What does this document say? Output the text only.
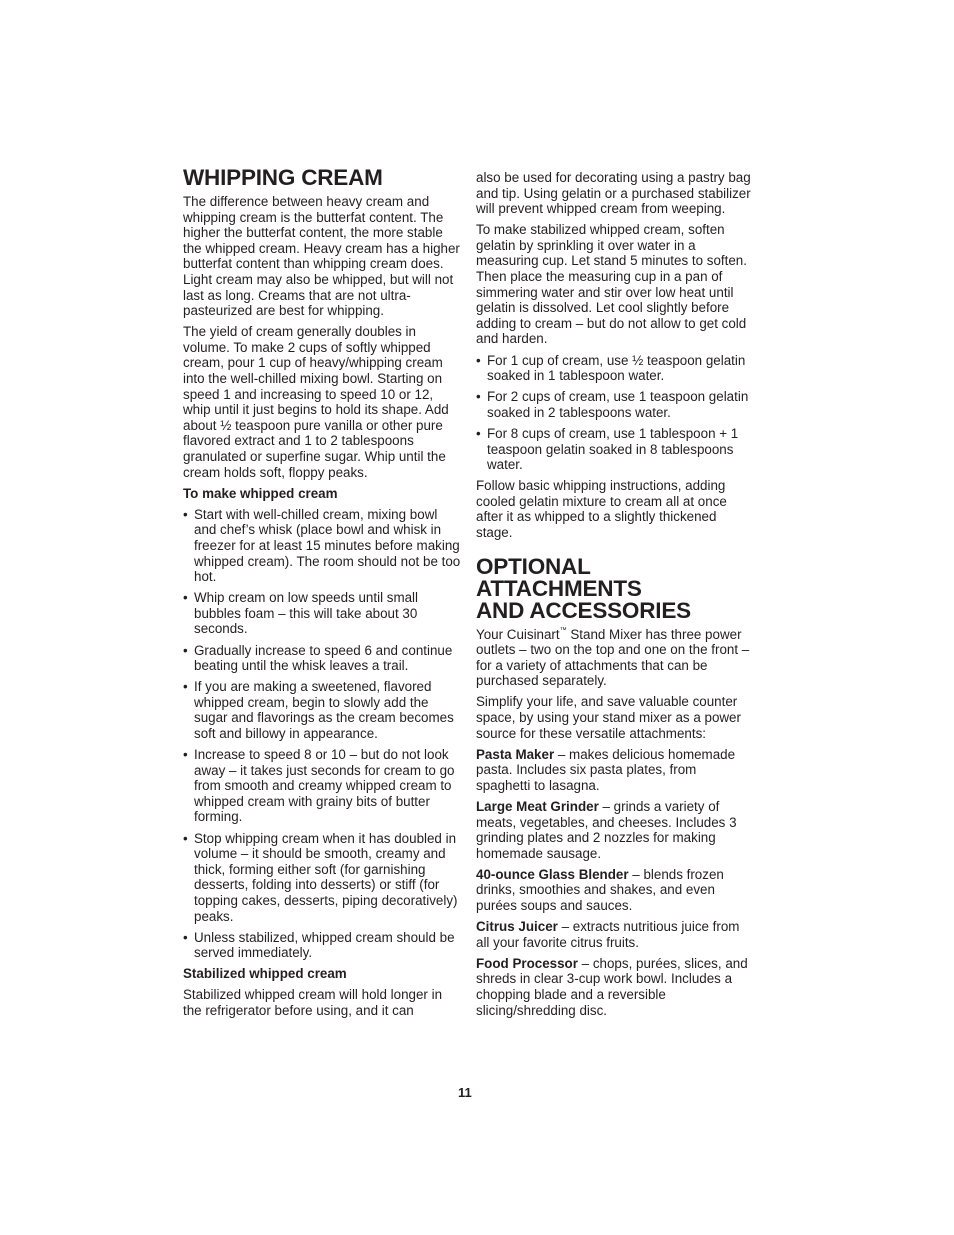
WHIPPING CREAM

The difference between heavy cream and whipping cream is the butterfat content. The higher the butterfat content, the more stable the whipped cream. Heavy cream has a higher butterfat content than whipping cream does. Light cream may also be whipped, but will not last as long. Creams that are not ultra-pasteurized are best for whipping.

The yield of cream generally doubles in volume. To make 2 cups of softly whipped cream, pour 1 cup of heavy/whipping cream into the well-chilled mixing bowl. Starting on speed 1 and increasing to speed 10 or 12, whip until it just begins to hold its shape. Add about ½ teaspoon pure vanilla or other pure flavored extract and 1 to 2 tablespoons granulated or superfine sugar. Whip until the cream holds soft, floppy peaks.

To make whipped cream
• Start with well-chilled cream, mixing bowl and chef’s whisk (place bowl and whisk in freezer for at least 15 minutes before making whipped cream). The room should not be too hot.
• Whip cream on low speeds until small bubbles foam – this will take about 30 seconds.
• Gradually increase to speed 6 and continue beating until the whisk leaves a trail.
• If you are making a sweetened, flavored whipped cream, begin to slowly add the sugar and flavorings as the cream becomes soft and billowy in appearance.
• Increase to speed 8 or 10 – but do not look away – it takes just seconds for cream to go from smooth and creamy whipped cream to whipped cream with grainy bits of butter forming.
• Stop whipping cream when it has doubled in volume – it should be smooth, creamy and thick, forming either soft (for garnishing desserts, folding into desserts) or stiff (for topping cakes, desserts, piping decoratively) peaks.
• Unless stabilized, whipped cream should be served immediately.
Stabilized whipped cream

Stabilized whipped cream will hold longer in the refrigerator before using, and it can

also be used for decorating using a pastry bag and tip. Using gelatin or a purchased stabilizer will prevent whipped cream from weeping.

To make stabilized whipped cream, soften gelatin by sprinkling it over water in a measuring cup. Let stand 5 minutes to soften. Then place the measuring cup in a pan of simmering water and stir over low heat until gelatin is dissolved. Let cool slightly before adding to cream – but do not allow to get cold and harden.

• For 1 cup of cream, use ½ teaspoon gelatin soaked in 1 tablespoon water.
• For 2 cups of cream, use 1 teaspoon gelatin soaked in 2 tablespoons water.
• For 8 cups of cream, use 1 tablespoon + 1 teaspoon gelatin soaked in 8 tablespoons water.

Follow basic whipping instructions, adding cooled gelatin mixture to cream all at once after it as whipped to a slightly thickened stage.

OPTIONAL ATTACHMENTS
AND ACCESSORIES

Your Cuisinart™ Stand Mixer has three power outlets – two on the top and one on the front – for a variety of attachments that can be purchased separately.

Simplify your life, and save valuable counter space, by using your stand mixer as a power source for these versatile attachments:

Pasta Maker – makes delicious homemade pasta. Includes six pasta plates, from spaghetti to lasagna.

Large Meat Grinder – grinds a variety of meats, vegetables, and cheeses. Includes 3 grinding plates and 2 nozzles for making homemade sausage.

40-ounce Glass Blender – blends frozen drinks, smoothies and shakes, and even purées soups and sauces.

Citrus Juicer – extracts nutritious juice from all your favorite citrus fruits.

Food Processor – chops, purées, slices, and shreds in clear 3-cup work bowl. Includes a chopping blade and a reversible slicing/shredding disc.

11
